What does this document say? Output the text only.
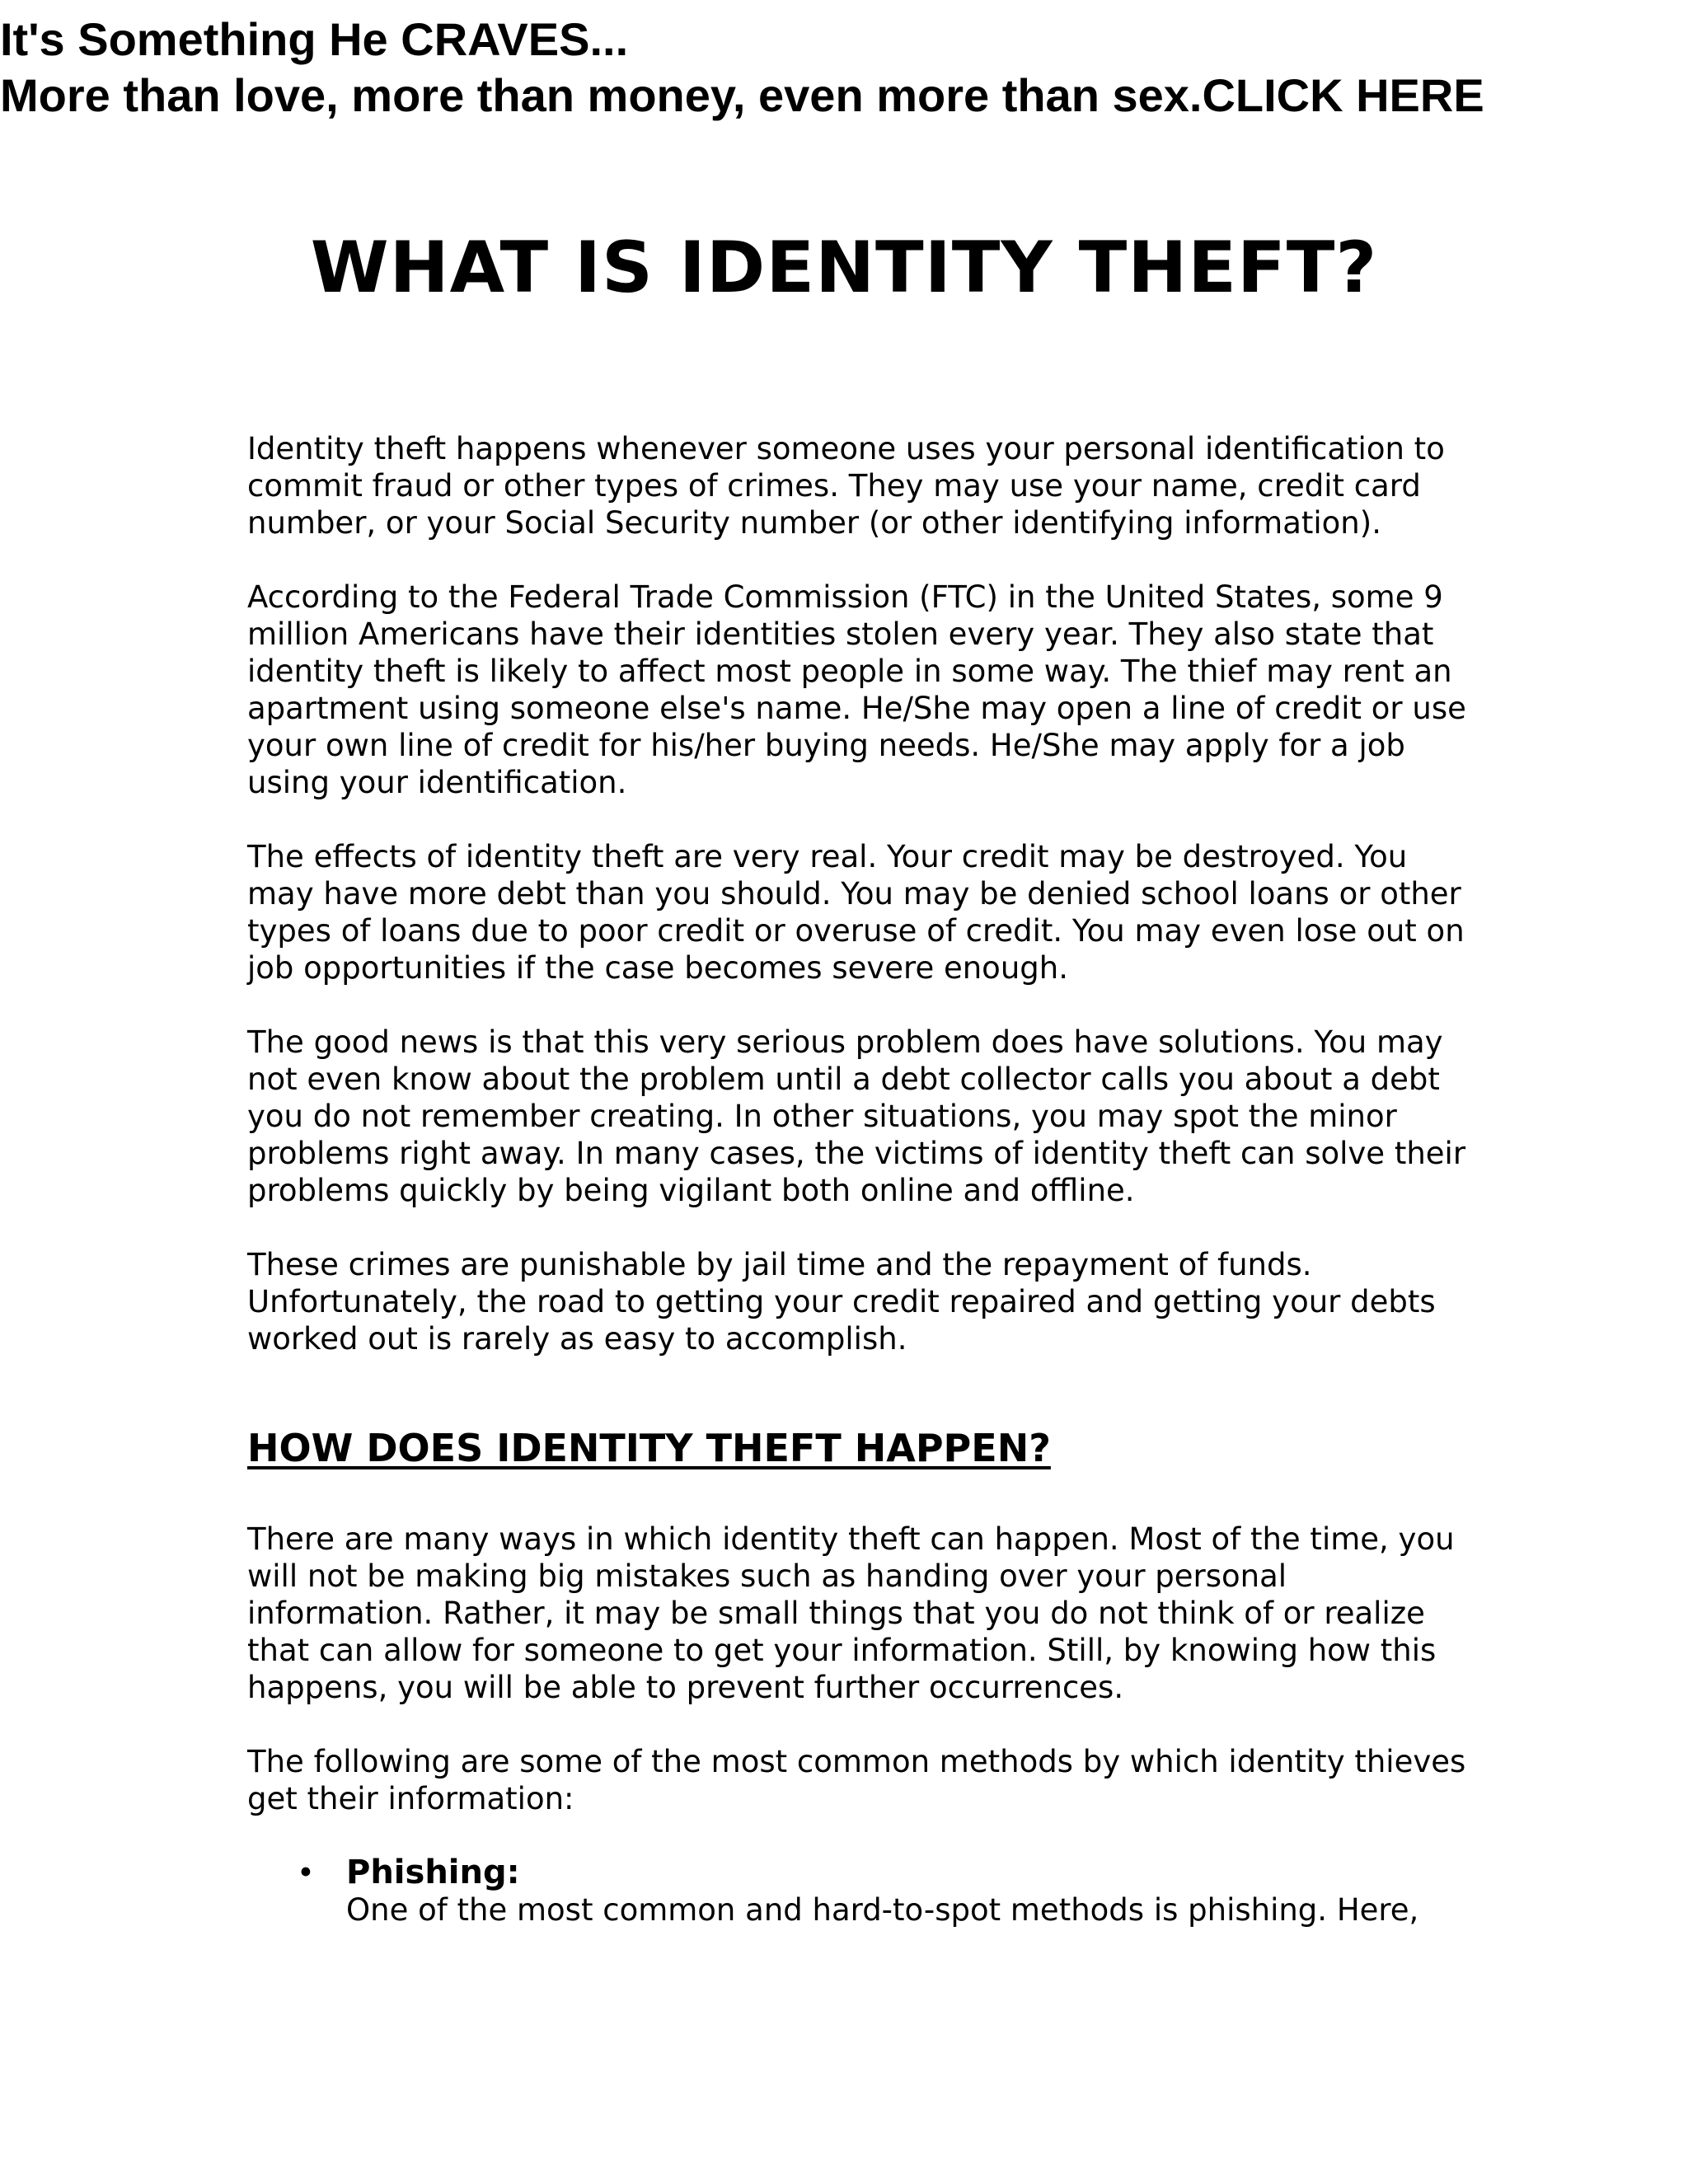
It's Something He CRAVES...
More than love, more than money, even more than sex.CLICK HERE
WHAT IS IDENTITY THEFT?

Identity theft happens whenever someone uses your personal identification to commit fraud or other types of crimes. They may use your name, credit card number, or your Social Security number (or other identifying information).

According to the Federal Trade Commission (FTC) in the United States, some 9 million Americans have their identities stolen every year. They also state that identity theft is likely to affect most people in some way. The thief may rent an apartment using someone else's name. He/She may open a line of credit or use your own line of credit for his/her buying needs. He/She may apply for a job using your identification.

The effects of identity theft are very real. Your credit may be destroyed. You may have more debt than you should. You may be denied school loans or other types of loans due to poor credit or overuse of credit. You may even lose out on job opportunities if the case becomes severe enough.

The good news is that this very serious problem does have solutions. You may not even know about the problem until a debt collector calls you about a debt you do not remember creating. In other situations, you may spot the minor problems right away. In many cases, the victims of identity theft can solve their problems quickly by being vigilant both online and offline.

These crimes are punishable by jail time and the repayment of funds. Unfortunately, the road to getting your credit repaired and getting your debts worked out is rarely as easy to accomplish.

HOW DOES IDENTITY THEFT HAPPEN?

There are many ways in which identity theft can happen. Most of the time, you will not be making big mistakes such as handing over your personal information. Rather, it may be small things that you do not think of or realize that can allow for someone to get your information. Still, by knowing how this happens, you will be able to prevent further occurrences.

The following are some of the most common methods by which identity thieves get their information:

• Phishing:
One of the most common and hard-to-spot methods is phishing. Here,
